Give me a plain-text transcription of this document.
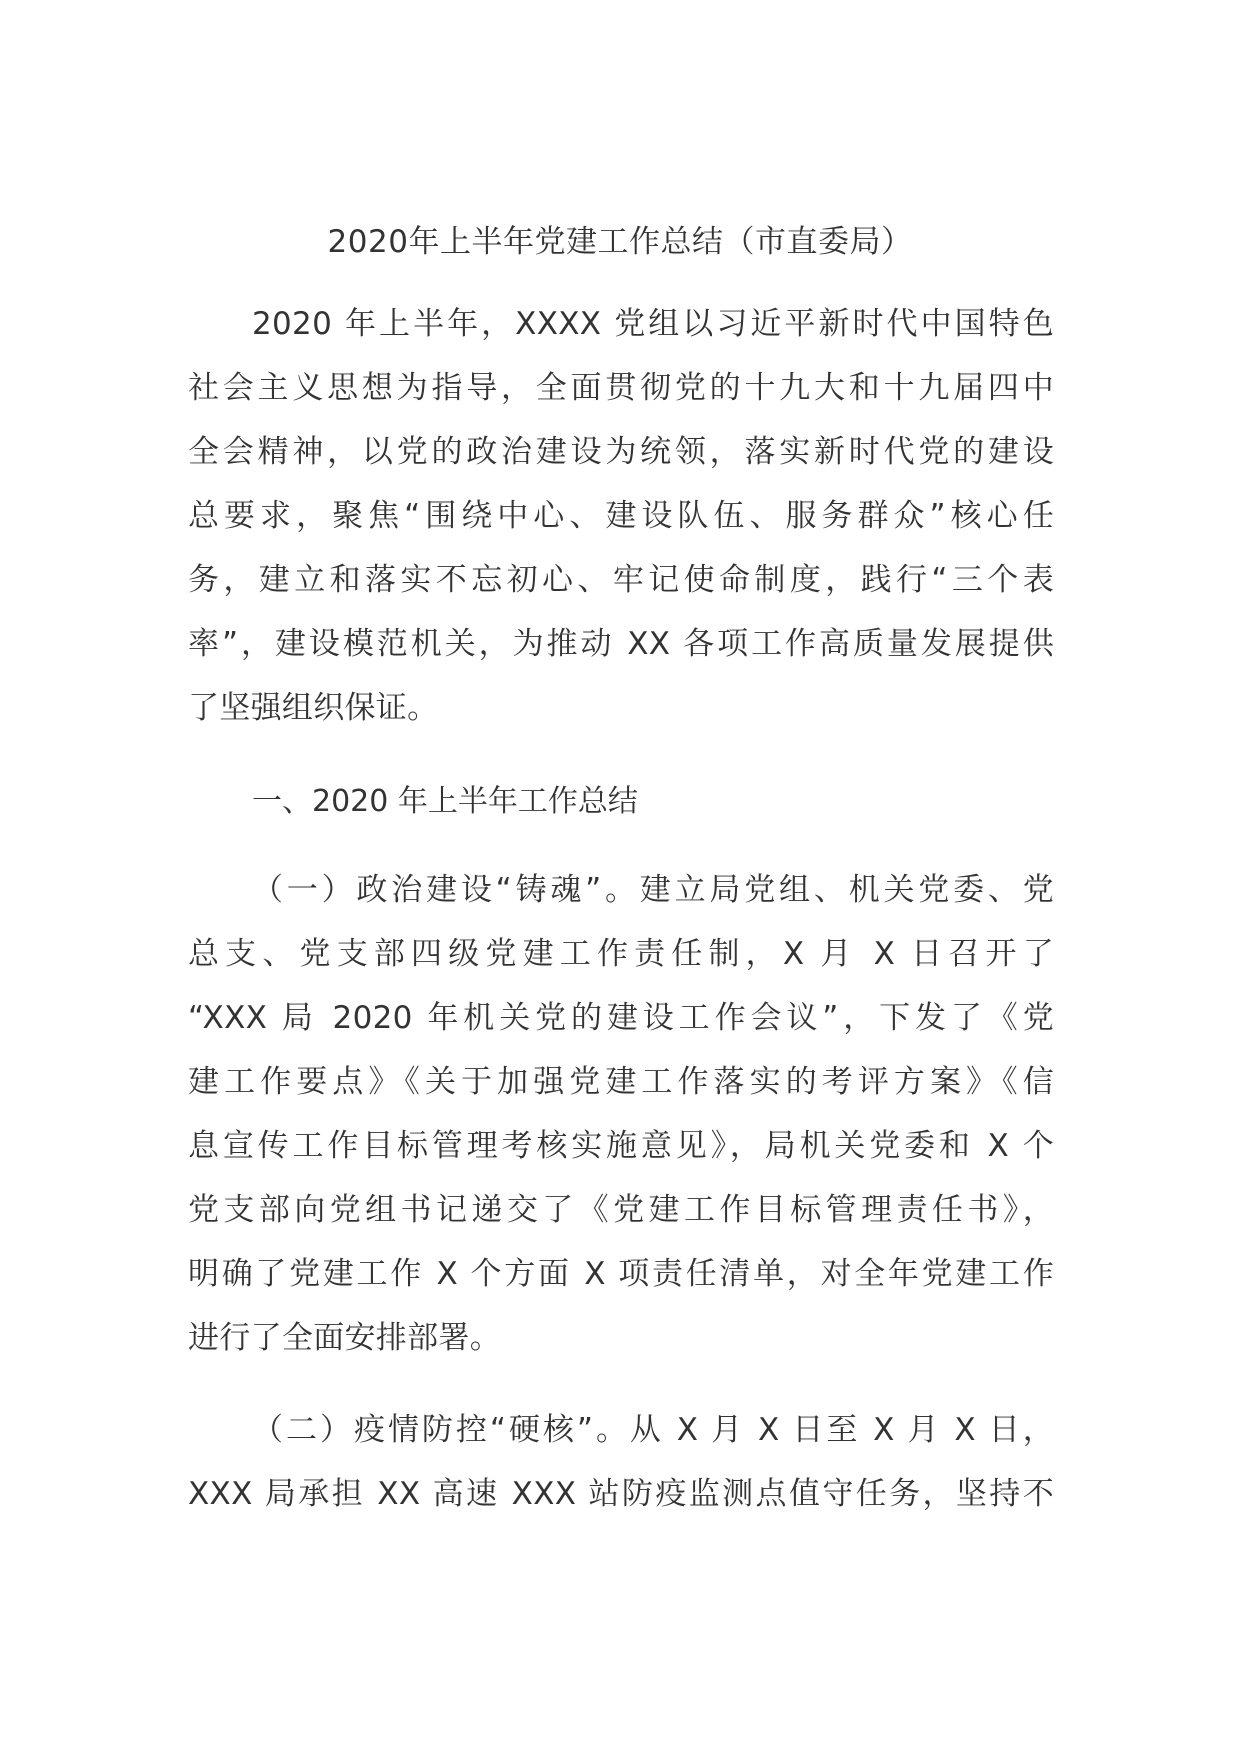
2020年上半年党建工作总结（市直委局）

2020 年上半年，XXXX 党组以习近平新时代中国特色

社会主义思想为指导，全面贯彻党的十九大和十九届四中

全会精神，以党的政治建设为统领，落实新时代党的建设

总要求，聚焦“围绕中心、建设队伍、服务群众”核心任

务，建立和落实不忘初心、牢记使命制度，践行“三个表

率”，建设模范机关，为推动 XX 各项工作高质量发展提供

了坚强组织保证。

一、2020 年上半年工作总结

（一）政治建设“铸魂”。建立局党组、机关党委、党

总支、党支部四级党建工作责任制，X 月 X 日召开了

“XXX 局 2020 年机关党的建设工作会议”，下发了《党

建工作要点》《关于加强党建工作落实的考评方案》《信

息宣传工作目标管理考核实施意见》，局机关党委和 X 个

党支部向党组书记递交了《党建工作目标管理责任书》，

明确了党建工作 X 个方面 X 项责任清单，对全年党建工作

进行了全面安排部署。

（二）疫情防控“硬核”。从 X 月 X 日至 X 月 X 日，

XXX 局承担 XX 高速 XXX 站防疫监测点值守任务，坚持不
